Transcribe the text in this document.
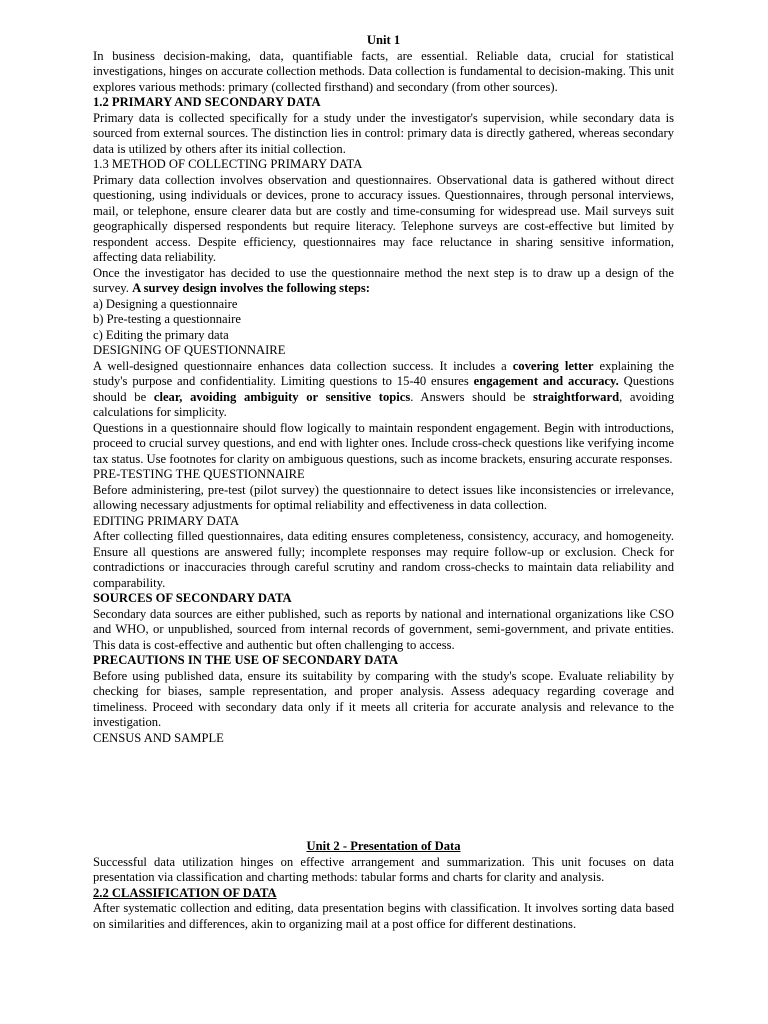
Unit 1

In business decision-making, data, quantifiable facts, are essential. Reliable data, crucial for statistical investigations, hinges on accurate collection methods. Data collection is fundamental to decision-making. This unit explores various methods: primary (collected firsthand) and secondary (from other sources).

1.2 PRIMARY AND SECONDARY DATA

Primary data is collected specifically for a study under the investigator's supervision, while secondary data is sourced from external sources. The distinction lies in control: primary data is directly gathered, whereas secondary data is utilized by others after its initial collection.

1.3 METHOD OF COLLECTING PRIMARY DATA

Primary data collection involves observation and questionnaires. Observational data is gathered without direct questioning, using individuals or devices, prone to accuracy issues. Questionnaires, through personal interviews, mail, or telephone, ensure clearer data but are costly and time-consuming for widespread use. Mail surveys suit geographically dispersed respondents but require literacy. Telephone surveys are cost-effective but limited by respondent access. Despite efficiency, questionnaires may face reluctance in sharing sensitive information, affecting data reliability.

Once the investigator has decided to use the questionnaire method the next step is to draw up a design of the survey. A survey design involves the following steps:

a) Designing a questionnaire

b) Pre-testing a questionnaire

c) Editing the primary data

DESIGNING OF QUESTIONNAIRE

A well-designed questionnaire enhances data collection success. It includes a covering letter explaining the study's purpose and confidentiality. Limiting questions to 15-40 ensures engagement and accuracy. Questions should be clear, avoiding ambiguity or sensitive topics. Answers should be straightforward, avoiding calculations for simplicity.

Questions in a questionnaire should flow logically to maintain respondent engagement. Begin with introductions, proceed to crucial survey questions, and end with lighter ones. Include cross-check questions like verifying income tax status. Use footnotes for clarity on ambiguous questions, such as income brackets, ensuring accurate responses.

PRE-TESTING THE QUESTIONNAIRE

Before administering, pre-test (pilot survey) the questionnaire to detect issues like inconsistencies or irrelevance, allowing necessary adjustments for optimal reliability and effectiveness in data collection.

EDITING PRIMARY DATA

After collecting filled questionnaires, data editing ensures completeness, consistency, accuracy, and homogeneity. Ensure all questions are answered fully; incomplete responses may require follow-up or exclusion. Check for contradictions or inaccuracies through careful scrutiny and random cross-checks to maintain data reliability and comparability.

SOURCES OF SECONDARY DATA

Secondary data sources are either published, such as reports by national and international organizations like CSO and WHO, or unpublished, sourced from internal records of government, semi-government, and private entities. This data is cost-effective and authentic but often challenging to access.

PRECAUTIONS IN THE USE OF SECONDARY DATA

Before using published data, ensure its suitability by comparing with the study's scope. Evaluate reliability by checking for biases, sample representation, and proper analysis. Assess adequacy regarding coverage and timeliness. Proceed with secondary data only if it meets all criteria for accurate analysis and relevance to the investigation.

CENSUS AND SAMPLE

Unit 2 - Presentation of Data

Successful data utilization hinges on effective arrangement and summarization. This unit focuses on data presentation via classification and charting methods: tabular forms and charts for clarity and analysis.

2.2 CLASSIFICATION OF DATA

After systematic collection and editing, data presentation begins with classification. It involves sorting data based on similarities and differences, akin to organizing mail at a post office for different destinations.
